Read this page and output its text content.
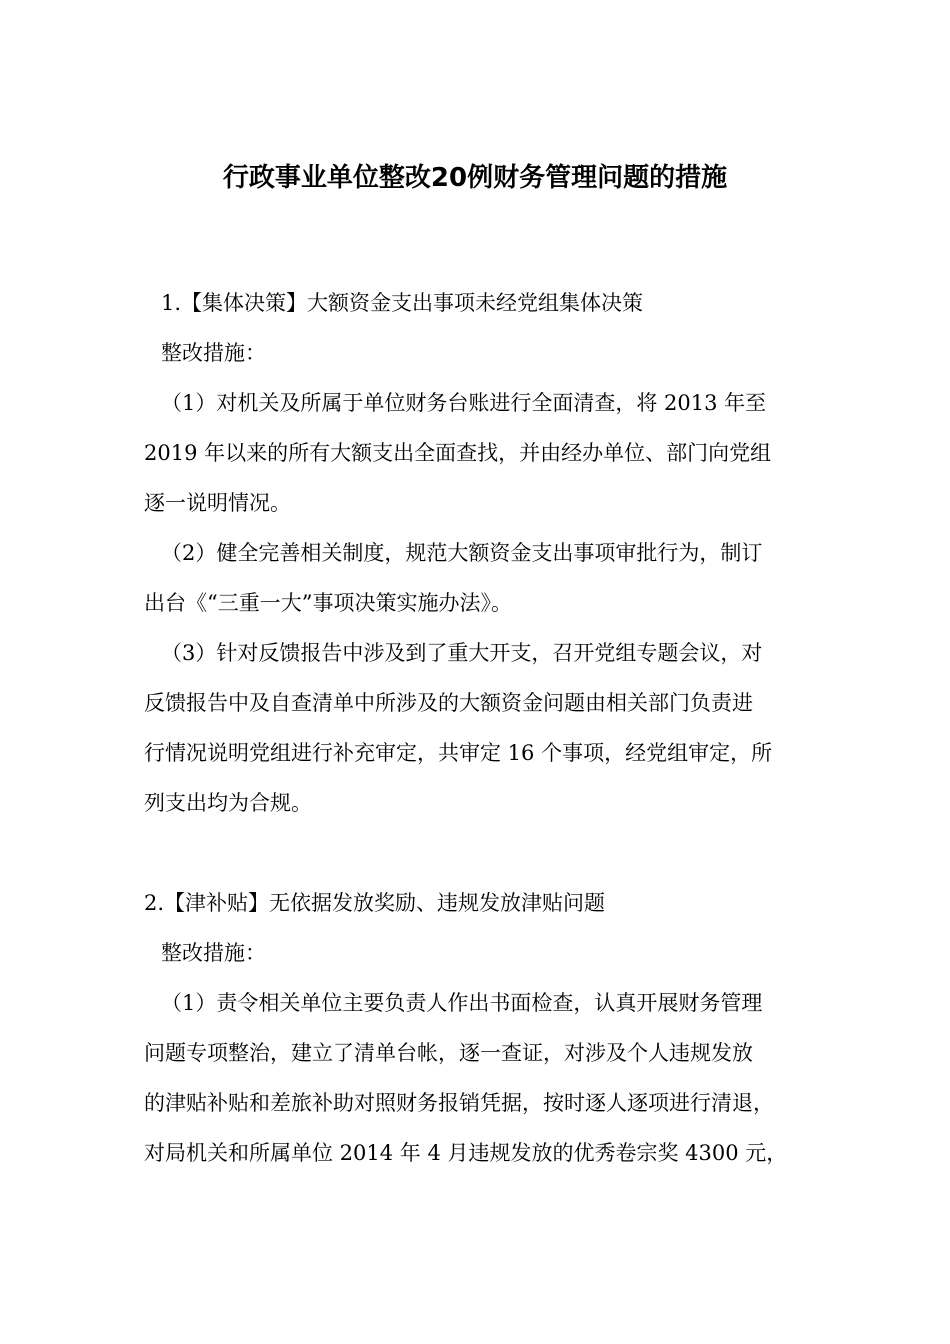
行政事业单位整改20例财务管理问题的措施
1.【集体决策】大额资金支出事项未经党组集体决策
整改措施：
（1）对机关及所属于单位财务台账进行全面清查，将 2013 年至
2019 年以来的所有大额支出全面查找，并由经办单位、部门向党组
逐一说明情况。
（2）健全完善相关制度，规范大额资金支出事项审批行为，制订
出台《“三重一大”事项决策实施办法》。
（3）针对反馈报告中涉及到了重大开支，召开党组专题会议，对
反馈报告中及自查清单中所涉及的大额资金问题由相关部门负责进
行情况说明党组进行补充审定，共审定 16 个事项，经党组审定，所
列支出均为合规。
2.【津补贴】无依据发放奖励、违规发放津贴问题
整改措施：
（1）责令相关单位主要负责人作出书面检查，认真开展财务管理
问题专项整治，建立了清单台帐，逐一查证，对涉及个人违规发放
的津贴补贴和差旅补助对照财务报销凭据，按时逐人逐项进行清退，
对局机关和所属单位 2014 年 4 月违规发放的优秀卷宗奖 4300 元，
